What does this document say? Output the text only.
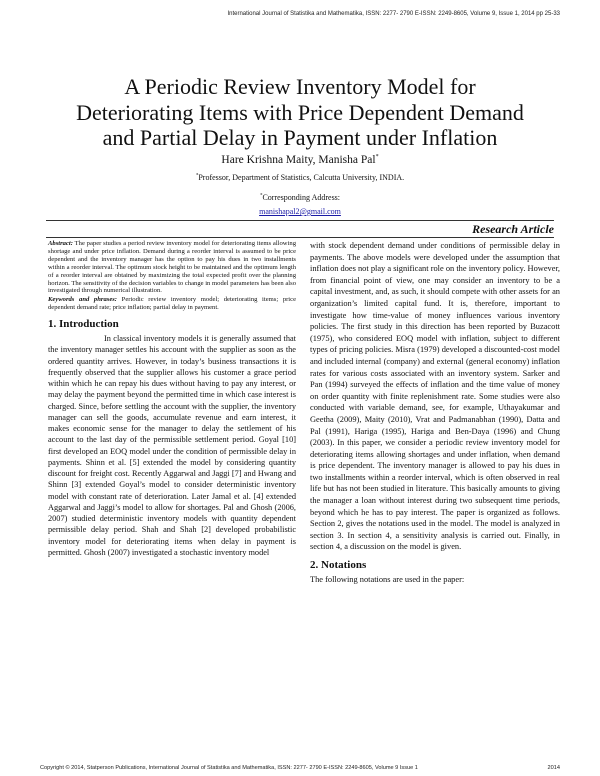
International Journal of Statistika and Mathematika, ISSN: 2277- 2790 E-ISSN: 2249-8605, Volume 9, Issue 1, 2014 pp 25-33
A Periodic Review Inventory Model for
Deteriorating Items with Price Dependent Demand
and Partial Delay in Payment under Inflation
Hare Krishna Maity, Manisha Pal*
*Professor, Department of Statistics, Calcutta University, INDIA.
*Corresponding Address:
manishapal2@gmail.com
Research Article

Abstract: The paper studies a period review inventory model for deteriorating items allowing shortage and under price inflation. Demand during a reorder interval is assumed to be price dependent and the inventory manager has the option to pay his dues in two installments within a reorder interval. The optimum stock height to be maintained and the optimum length of a reorder interval are obtained by maximizing the total expected profit over the planning horizon. The sensitivity of the decision variables to change in model parameters has been also investigated through numerical illustration.

Keywords and phrases: Periodic review inventory model; deteriorating items; price dependent demand rate; price inflation; partial delay in payment.

1. Introduction

In classical inventory models it is generally assumed that the inventory manager settles his account with the supplier as soon as the ordered quantity arrives. However, in today’s business transactions it is frequently observed that the supplier allows his customer a grace period within which he can repay his dues without having to pay any interest, or may delay the payment beyond the permitted time in which case interest is charged. Since, before settling the account with the supplier, the inventory manager can sell the goods, accumulate revenue and earn interest, it makes economic sense for the manager to delay the settlement of his account to the last day of the permissible settlement period. Goyal [10] first developed an EOQ model under the condition of permissible delay in payments. Shinn et al. [5] extended the model by considering quantity discount for freight cost. Recently Aggarwal and Jaggi [7] and Hwang and Shinn [3] extended Goyal’s model to consider deterministic inventory model with constant rate of deterioration. Later Jamal et al. [4] extended Aggarwal and Jaggi’s model to allow for shortages. Pal and Ghosh (2006, 2007) studied deterministic inventory models with quantity dependent permissible delay period. Shah and Shah [2] developed probabilistic inventory model for deteriorating items when delay in payment is permitted. Ghosh (2007) investigated a stochastic inventory model

with stock dependent demand under conditions of permissible delay in payments. The above models were developed under the assumption that inflation does not play a significant role on the inventory policy. However, from financial point of view, one may consider an inventory to be a capital investment, and, as such, it should compete with other assets for an organization’s limited capital fund. It is, therefore, important to investigate how time-value of money influences various inventory policies. The first study in this direction has been reported by Buzacott (1975), who considered EOQ model with inflation, subject to different types of pricing policies. Misra (1979) developed a discounted-cost model and included internal (company) and external (general economy) inflation rates for various costs associated with an inventory system. Sarker and Pan (1994) surveyed the effects of inflation and the time value of money on order quantity with finite replenishment rate. Some studies were also conducted with variable demand, see, for example, Uthayakumar and Geetha (2009), Maity (2010), Vrat and Padmanabhan (1990), Datta and Pal (1991), Hariga (1995), Hariga and Ben-Daya (1996) and Chung (2003). In this paper, we consider a periodic review inventory model for deteriorating items allowing shortages and under inflation, when demand is price dependent. The inventory manager is allowed to pay his dues in two installments within a reorder interval, which is often observed in real life but has not been studied in literature. This basically amounts to giving the manager a loan without interest during two subsequent time periods, beyond which he has to pay interest. The paper is organized as follows. Section 2, gives the notations used in the model. The model is analyzed in section 3. In section 4, a sensitivity analysis is carried out. Finally, in section 4, a discussion on the model is given.

2. Notations

The following notations are used in the paper:

Copyright © 2014, Statperson Publications, International Journal of Statistika and Mathematika, ISSN: 2277- 2790 E-ISSN: 2249-8605, Volume 9 Issue 1	2014
